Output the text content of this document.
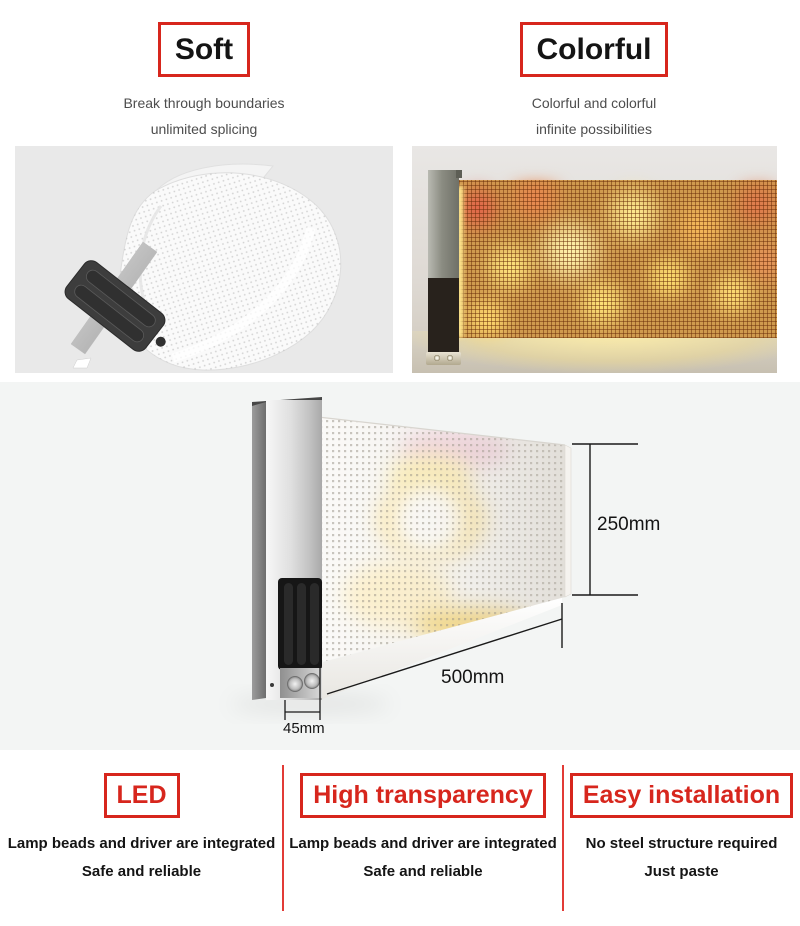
Soft
Break through boundaries
unlimited splicing
Colorful
Colorful and colorful
infinite possibilities
250mm
500mm
45mm
LED
Lamp beads and driver are integrated
Safe and reliable
High transparency
Lamp beads and driver are integrated
Safe and reliable
Easy installation
No steel structure required
Just paste
